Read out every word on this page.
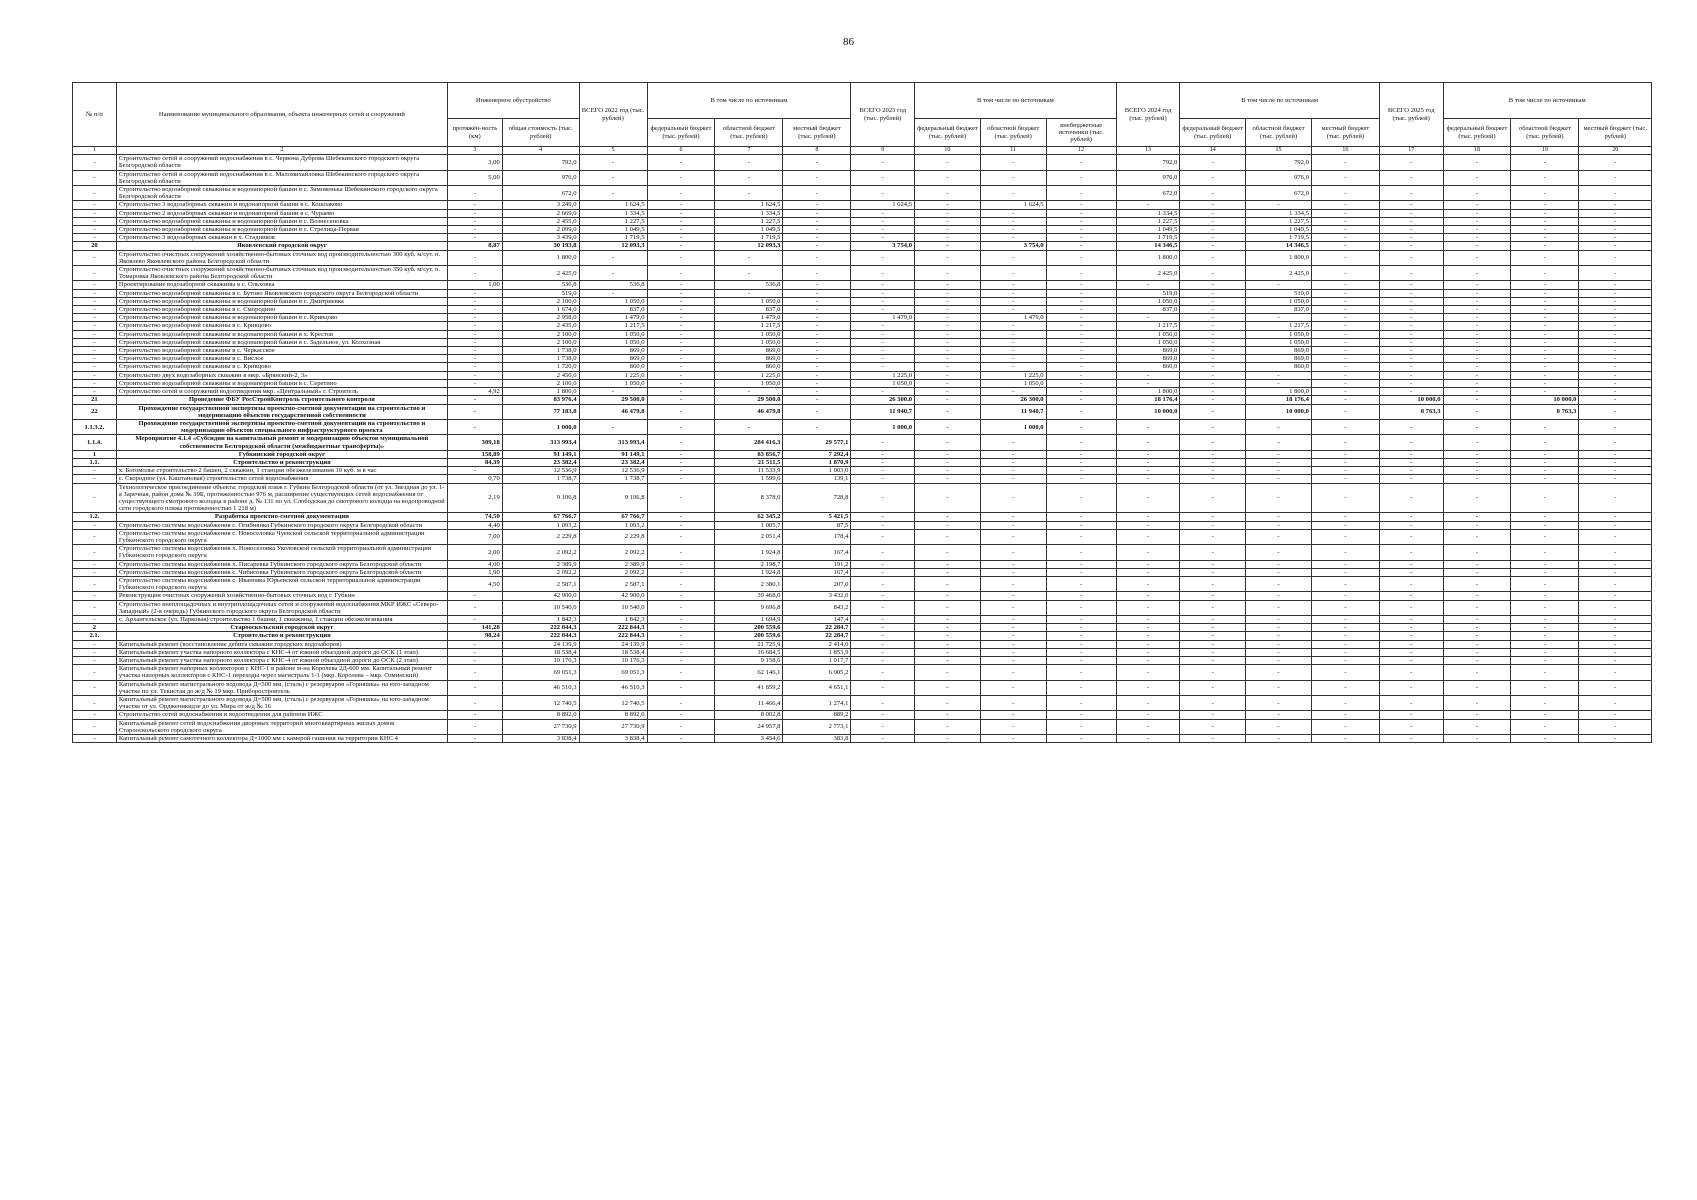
86
№ п/п	Наименование муниципального образования, объекта инженерных сетей и сооружений	Инженерное обустройство		ВСЕГО 2022 год (тыс. рублей)	В том числе по источникам			ВСЕГО 2023 год (тыс. рублей)	В том числе по источникам			ВСЕГО 2024 год (тыс. рублей)	В том числе по источникам			ВСЕГО 2025 год (тыс. рублей)	В том числе по источникам		
		протяжён-ность (км)	общая стоимость (тыс. рублей)		федеральный бюджет (тыс. рублей)	областной бюджет (тыс. рублей)	местный бюджет (тыс. рублей)		федеральный бюджет (тыс. рублей)	областной бюджет (тыс. рублей)	внебюджетные источники (тыс. рублей)		федеральный бюджет (тыс. рублей)	областной бюджет (тыс. рублей)	местный бюджет (тыс. рублей)		федеральный бюджет (тыс. рублей)	областной бюджет (тыс. рублей)	местный бюджет (тыс. рублей)
1	2	3	4	5	6	7	8	9	10	11	12	13	14	15	16	17	18	19	20
-	Строительство сетей и сооружений водоснабжения в с. Червона Дуброва Шебекинского городского округа Белгородской области	3,00	792,0	-	-	-	-	-	-	-	-	792,0	-	792,0	-	-	-	-	-
-	Строительство сетей и сооружений водоснабжения в с. Маломихайловка Шебекинского городского округа Белгородской области	5,00	976,0	-	-	-	-	-	-	-	-	976,0	-	976,0	-	-	-	-	-
-	Строительство водозаборной скважины и водонапорной башни в с. Зимовенька Шебекинского городского округа Белгородской области	-	672,0	-	-	-	-	-	-	-	-	672,0	-	672,0	-	-	-	-	-
-	Строительство 3 водозаборных скважин и водонапорной башни в с. Кошлаково	-	3 249,0	1 624,5	-	1 624,5	-	1 624,5	-	1 624,5	-	-	-	-	-	-	-	-	-
-	Строительство 2 водозаборных скважин и водонапорной башни в с. Чураево	-	2 669,0	1 334,5	-	1 334,5	-	-	-	-	-	1 334,5	-	1 334,5	-	-	-	-	-
-	Строительство водозаборной скважины и водонапорной башни в с. Вознесеновка	-	2 455,0	1 227,5	-	1 227,5	-	-	-	-	-	1 227,5	-	1 227,5	-	-	-	-	-
-	Строительство водозаборной скважины и водонапорной башни в с. Стрелица-Первая	-	2 099,0	1 049,5	-	1 049,5	-	-	-	-	-	1 049,5	-	1 049,5	-	-	-	-	-
-	Строительство 3 водозаборных скважин в х. Стадников	-	3 439,0	1 719,5	-	1 719,5	-	-	-	-	-	1 719,5	-	1 719,5	-	-	-	-	-
20	Яковлевский городской округ	8,87	30 193,8	12 093,3	-	12 093,3	-	3 754,0	-	3 754,0	-	14 346,5	-	14 346,5	-	-	-	-	-
-	Строительство очистных сооружений хозяйственно-бытовых сточных вод производительностью 300 куб. м/сут. п. Яковлево Яковлевского района Белгородской области	-	1 800,0	-	-	-	-	-	-	-	-	1 800,0	-	1 800,0	-	-	-	-	-
-	Строительство очистных сооружений хозяйственно-бытовых сточных вод производительностью 350 куб. м/сут. п. Томаровка Яковлевского района Белгородской области	-	2 425,0	-	-	-	-	-	-	-	-	2 425,0	-	2 425,0	-	-	-	-	-
-	Проектирование водозаборной скважины в с. Ольховка	1,00	536,8	536,8	-	536,8	-	-	-	-	-	-	-	-	-	-	-	-	-
-	Строительство водозаборной скважины в с. Бутово Яковлевского городского округа Белгородской области	-	519,0	-	-	-	-	-	-	-	-	519,0	-	519,0	-	-	-	-	-
-	Строительство водозаборной скважины и водонапорной башни в с. Дмитриевка	-	2 100,0	1 050,0	-	1 050,0	-	-	-	-	-	1 050,0	-	1 050,0	-	-	-	-	-
-	Строительство водозаборной скважины в с. Смородино	-	1 674,0	837,0	-	837,0	-	-	-	-	-	837,0	-	837,0	-	-	-	-	-
-	Строительство водозаборной скважины и водонапорной башни в с. Кривцово	-	2 958,0	1 479,0	-	1 479,0	-	1 479,0	-	1 479,0	-	-	-	-	-	-	-	-	-
-	Строительство водозаборной скважины в с. Кривцово	-	2 435,0	1 217,5	-	1 217,5	-	-	-	-	-	1 217,5	-	1 217,5	-	-	-	-	-
-	Строительство водозаборной скважины и водонапорной башни в х. Крестов	-	2 100,0	1 050,0	-	1 050,0	-	-	-	-	-	1 050,0	-	1 050,0	-	-	-	-	-
-	Строительство водозаборной скважины и водонапорной башни в с. Задельное, ул. Колхозная	-	2 100,0	1 050,0	-	1 050,0	-	-	-	-	-	1 050,0	-	1 050,0	-	-	-	-	-
-	Строительство водозаборной скважины в с. Черкасское	-	1 738,0	869,0	-	869,0	-	-	-	-	-	869,0	-	869,0	-	-	-	-	-
-	Строительство водозаборной скважины в с. Вислое	-	1 738,0	869,0	-	869,0	-	-	-	-	-	869,0	-	869,0	-	-	-	-	-
-	Строительство водозаборной скважины в с. Кривцово	-	1 720,0	860,0	-	860,0	-	-	-	-	-	860,0	-	860,0	-	-	-	-	-
-	Строительство двух водозаборных скважин в мкр. «Брянский-2, 3»	-	2 450,0	1 225,0	-	1 225,0	-	1 225,0	-	1 225,0	-	-	-	-	-	-	-	-	-
-	Строительство водозаборной скважины и водонапорной башни в с. Серетино	-	2 100,0	1 050,0	-	1 050,0	-	1 050,0	-	1 050,0	-	-	-	-	-	-	-	-	-
-	Строительство сетей и сооружений водоотведения мкр. «Центральный» г. Строитель	4,92	1 800,0	-	-	-	-	-	-	-	-	1 800,0	-	1 800,0	-	-	-	-	-
21	Проведение ФБУ РосСтройКонтроль строительного контроля	-	83 976,4	29 500,0	-	29 500,0	-	26 300,0	-	26 300,0	-	18 176,4	-	18 176,4	-	10 000,0	-	10 000,0	-
22	Прохождение государственной экспертизы проектно-сметной документации на строительство и модернизацию объектов государственной собственности	-	77 183,8	46 479,8	-	46 479,8	-	11 940,7	-	11 940,7	-	10 000,0	-	10 000,0	-	8 763,3	-	8 763,3	-
1.1.3.2.	Прохождение государственной экспертизы проектно-сметной документации на строительство и модернизацию объектов специального инфраструктурного проекта	-	1 000,0	-	-	-	-	1 000,0	-	1 000,0	-	-	-	-	-	-	-	-	-
1.1.4.	Мероприятие 4.1.4 «Субсидии на капитальный ремонт и модернизацию объектов муниципальной собственности Белгородской области (межбюджетные трансферты)»	309,18	313 993,4	313 993,4	-	284 416,3	29 577,1	-	-	-	-	-	-	-	-	-	-	-	-
1	Губкинский городской округ	158,89	91 149,1	91 149,1	-	83 856,7	7 292,4	-	-	-	-	-	-	-	-	-	-	-	-
1.1.	Строительство и реконструкция	84,39	23 382,4	23 382,4	-	21 511,5	1 870,9	-	-	-	-	-	-	-	-	-	-	-	-
-	х. Богомолье строительство 2 башен, 2 скважин, 1 станции обезжелезивания 10 куб. м в час	-	12 536,9	12 536,9	-	11 533,9	1 003,0	-	-	-	-	-	-	-	-	-	-	-	-
-	с. Скородное (ул. Каштановая) строительство сетей водоснабжения	0,70	1 738,7	1 738,7	-	1 599,6	139,1	-	-	-	-	-	-	-	-	-	-	-	-
-	Технологическое присоединение объекта: городской пляж г. Губкин Белгородской области (от ул. Звездная до ул. 1-я Заречная, район дома № 39Б, протяженностью 976 м, расширение существующих сетей водоснабжения от существующего смотрового колодца в районе д. № 131 по ул. Слободская до смотрового колодца на водопроводной сети городского пляжа протяженностью 1 218 м)	2,19	9 106,8	9 106,8	-	8 378,0	728,8	-	-	-	-	-	-	-	-	-	-	-	-
1.2.	Разработка проектно-сметной документации	74,50	67 766,7	67 766,7	-	62 345,2	5 421,5	-	-	-	-	-	-	-	-	-	-	-	-
-	Строительство системы водоснабжения с. Огибнянка Губкинского городского округа Белгородской области	4,40	1 093,2	1 093,2	-	1 005,7	87,5	-	-	-	-	-	-	-	-	-	-	-	-
-	Строительство системы водоснабжения с. Новоселовка Чуевской сельской территориальной администрации Губкинского городского округа	7,00	2 229,8	2 229,8	-	2 051,4	178,4	-	-	-	-	-	-	-	-	-	-	-	-
-	Строительство системы водоснабжения х. Новоселовка Уколовской сельской территориальной администрации Губкинского городского округа	2,00	2 092,2	2 092,2	-	1 924,8	167,4	-	-	-	-	-	-	-	-	-	-	-	-
-	Строительство системы водоснабжения х. Писаревка Губкинского городского округа Белгородской области	4,00	2 389,9	2 389,9	-	2 198,7	191,2	-	-	-	-	-	-	-	-	-	-	-	-
-	Строительство системы водоснабжения с. Чибисовка Губкинского городского округа Белгородской области	1,90	2 092,2	2 092,2	-	1 924,8	167,4	-	-	-	-	-	-	-	-	-	-	-	-
-	Строительство системы водоснабжения с. Ивановка Юрьевской сельской территориальной администрации Губкинского городского округа	4,50	2 587,1	2 587,1	-	2 380,1	207,0	-	-	-	-	-	-	-	-	-	-	-	-
-	Реконструкция очистных сооружений хозяйственно-бытовых сточных вод г. Губкин	-	42 900,0	42 900,0	-	39 468,0	3 432,0	-	-	-	-	-	-	-	-	-	-	-	-
-	Строительство внеплощадочных и внутриплощадочных сетей и сооружений водоснабжения МКР ИЖС «Северо-Западный» (2-я очередь) Губкинского городского округа Белгородской области	-	10 540,0	10 540,0	-	9 696,8	843,2	-	-	-	-	-	-	-	-	-	-	-	-
-	с. Архангельское (ул. Парковая) строительство 1 башни, 1 скважины, 1 станции обезжелезивания	-	1 842,3	1 842,3	-	1 694,9	147,4	-	-	-	-	-	-	-	-	-	-	-	-
2	Старооскольский городской округ	141,28	222 844,3	222 844,3	-	200 559,6	22 284,7	-	-	-	-	-	-	-	-	-	-	-	-
2.1.	Строительство и реконструкция	98,24	222 844,3	222 844,3	-	200 559,6	22 284,7	-	-	-	-	-	-	-	-	-	-	-	-
-	Капитальный ремонт (восстановление дебита скважин городских водозаборов)	-	24 139,9	24 139,9	-	21 725,9	2 414,0	-	-	-	-	-	-	-	-	-	-	-	-
-	Капитальный ремонт участка напорного коллектора с КНС-4 от южной объездной дороги до ОСК (1 этап)	-	18 538,4	18 538,4	-	16 684,5	1 853,9	-	-	-	-	-	-	-	-	-	-	-	-
-	Капитальный ремонт участка напорного коллектора с КНС-4 от южной объездной дороги до ОСК (2 этап)	-	10 176,3	10 176,3	-	9 158,6	1 017,7	-	-	-	-	-	-	-	-	-	-	-	-
-	Капитальный ремонт напорных коллекторов с КНС-1 в районе м-на Королева 2Д-600 мм. Капитальный ремонт участка напорных коллекторов с КНС-1 переходы через магистраль 1-1 (мкр. Королева – мкр. Озминский)	-	69 051,3	69 051,3	-	62 146,1	6 905,2	-	-	-	-	-	-	-	-	-	-	-	-
-	Капитальный ремонт магистрального водовода Д=500 мм, (сталь) с резервуаров «Горняшка» на юго-западном участке по ул. Текистая до ж/д № 19 мкр. Приборостроитель	-	46 510,3	46 510,3	-	41 859,2	4 651,1	-	-	-	-	-	-	-	-	-	-	-	-
-	Капитальный ремонт магистрального водовода Д=500 мм, (сталь) с резервуаров «Горняшка» на юго-западном участке от ул. Ордженикидзе до ул. Мира от ж/д № 16	-	12 740,5	12 740,5	-	11 466,4	1 274,1	-	-	-	-	-	-	-	-	-	-	-	-
-	Строительство сетей водоснабжения и водоотведения для районов ИЖС	-	8 892,0	8 892,0	-	8 002,8	889,2	-	-	-	-	-	-	-	-	-	-	-	-
-	Капитальный ремонт сетей водоснабжения дворовых территорий многоквартирных жилых домов Старооскольского городского округа	-	27 730,9	27 730,9	-	24 957,8	2 773,1	-	-	-	-	-	-	-	-	-	-	-	-
-	Капитальный ремонт самотечного коллектора Д=1000 мм с камерой гашения на территории КНС 4	-	3 838,4	3 838,4	-	3 454,6	383,8	-	-	-	-	-	-	-	-	-	-	-	-
